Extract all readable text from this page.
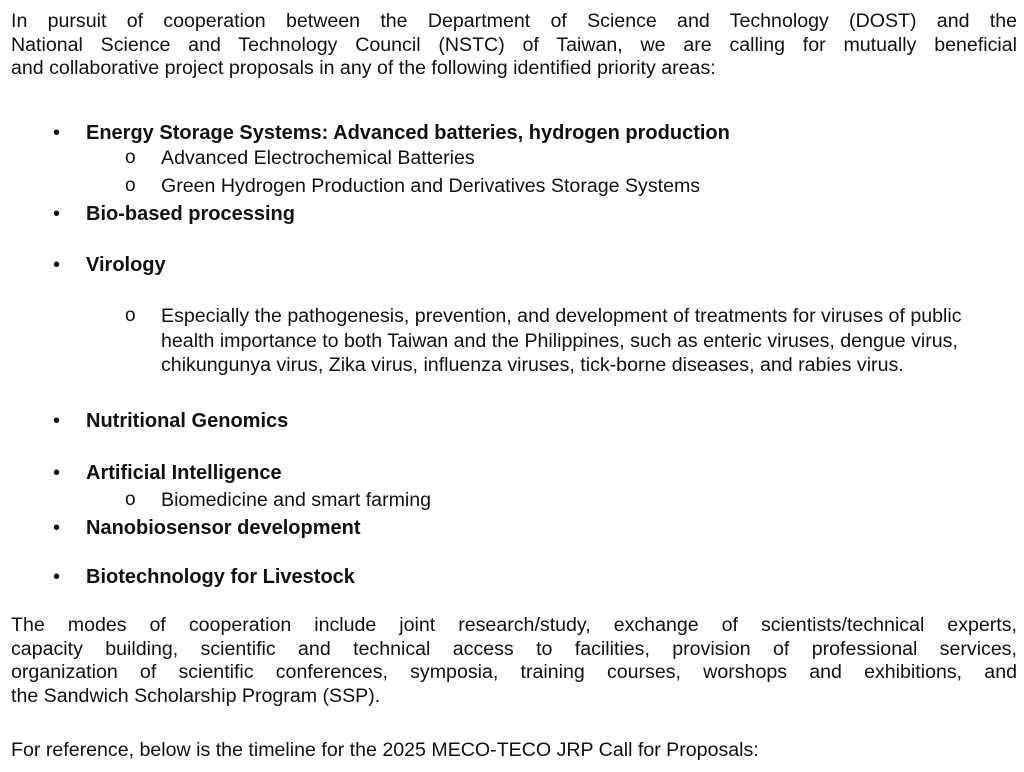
In pursuit of cooperation between the Department of Science and Technology (DOST) and the
National Science and Technology Council (NSTC) of Taiwan, we are calling for mutually beneficial
and collaborative project proposals in any of the following identified priority areas:

• Energy Storage Systems: Advanced batteries, hydrogen production
o Advanced Electrochemical Batteries
o Green Hydrogen Production and Derivatives Storage Systems
• Bio-based processing
• Virology
o Especially the pathogenesis, prevention, and development of treatments for viruses of public health importance to both Taiwan and the Philippines, such as enteric viruses, dengue virus, chikungunya virus, Zika virus, influenza viruses, tick-borne diseases, and rabies virus.
• Nutritional Genomics
• Artificial Intelligence
o Biomedicine and smart farming
• Nanobiosensor development
• Biotechnology for Livestock

The modes of cooperation include joint research/study, exchange of scientists/technical experts,
capacity building, scientific and technical access to facilities, provision of professional services,
organization of scientific conferences, symposia, training courses, worshops and exhibitions, and
the Sandwich Scholarship Program (SSP).

For reference, below is the timeline for the 2025 MECO-TECO JRP Call for Proposals:
